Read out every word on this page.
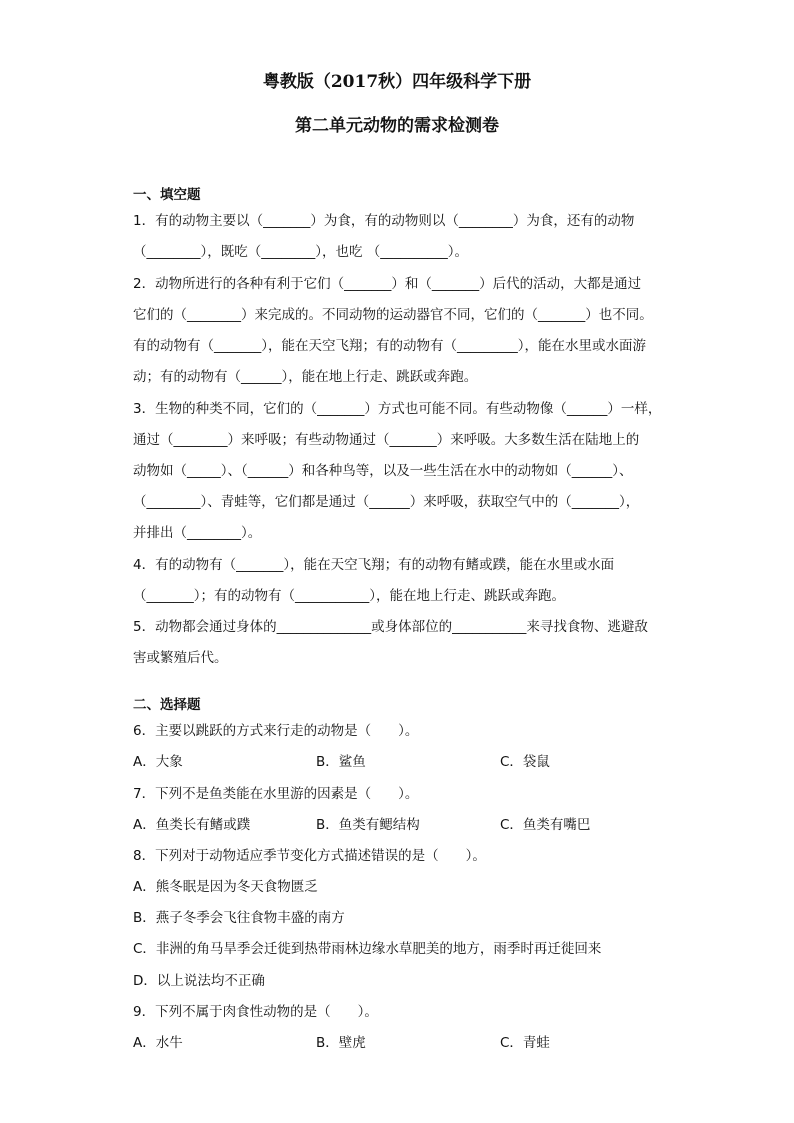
粤教版（2017秋）四年级科学下册
第二单元动物的需求检测卷
一、填空题
1．有的动物主要以（_______）为食，有的动物则以（________）为食，还有的动物
（________），既吃（________），也吃 （__________）。
2．动物所进行的各种有利于它们（_______）和（_______）后代的活动，大都是通过
它们的（________）来完成的。不同动物的运动器官不同，它们的（_______）也不同。
有的动物有（_______），能在天空飞翔；有的动物有（_________），能在水里或水面游
动；有的动物有（______），能在地上行走、跳跃或奔跑。
3．生物的种类不同，它们的（_______）方式也可能不同。有些动物像（______）一样，
通过（________）来呼吸；有些动物通过（_______）来呼吸。大多数生活在陆地上的
动物如（_____）、（______）和各种鸟等，以及一些生活在水中的动物如（______）、
（________）、青蛙等，它们都是通过（______）来呼吸，获取空气中的（_______），
并排出（________）。
4．有的动物有（_______），能在天空飞翔；有的动物有鳍或蹼，能在水里或水面
（_______）；有的动物有（___________），能在地上行走、跳跃或奔跑。
5．动物都会通过身体的______________或身体部位的___________来寻找食物、逃避敌
害或繁殖后代。
二、选择题
6．主要以跳跃的方式来行走的动物是（　　）。
A．大象	B．鲨鱼	C．袋鼠
7．下列不是鱼类能在水里游的因素是（　　）。
A．鱼类长有鳍或蹼	B．鱼类有鳃结构	C．鱼类有嘴巴
8．下列对于动物适应季节变化方式描述错误的是（　　）。
A．熊冬眠是因为冬天食物匮乏
B．燕子冬季会飞往食物丰盛的南方
C．非洲的角马旱季会迁徙到热带雨林边缘水草肥美的地方，雨季时再迁徙回来
D．以上说法均不正确
9．下列不属于肉食性动物的是（　　）。
A．水牛	B．壁虎	C．青蛙
